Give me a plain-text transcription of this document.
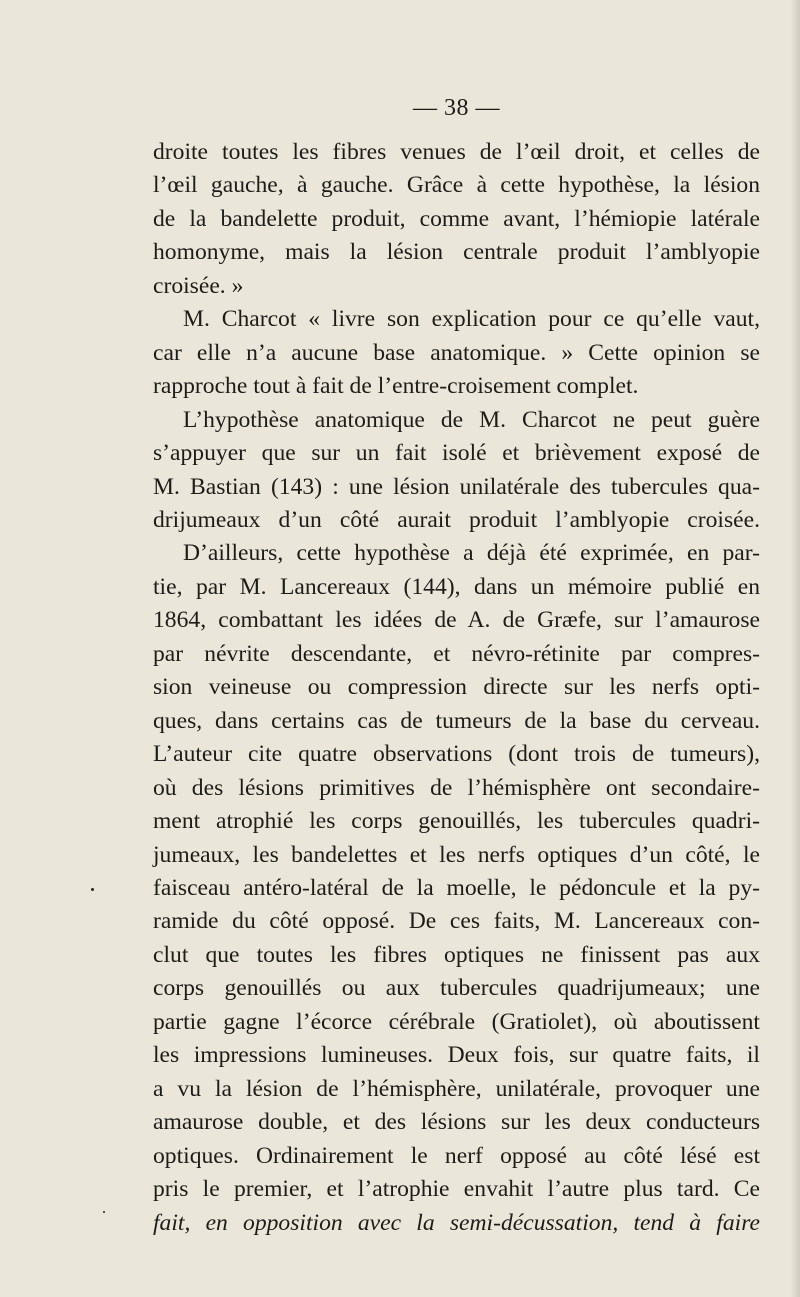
— 38 —
droite toutes les fibres venues de l’œil droit, et celles de
l’œil gauche, à gauche. Grâce à cette hypothèse, la lésion
de la bandelette produit, comme avant, l’hémiopie latérale
homonyme, mais la lésion centrale produit l’amblyopie
croisée. »
M. Charcot « livre son explication pour ce qu’elle vaut,
car elle n’a aucune base anatomique. » Cette opinion se
rapproche tout à fait de l’entre-croisement complet.
L’hypothèse anatomique de M. Charcot ne peut guère
s’appuyer que sur un fait isolé et brièvement exposé de
M. Bastian (143) : une lésion unilatérale des tubercules qua-
drijumeaux d’un côté aurait produit l’amblyopie croisée.
D’ailleurs, cette hypothèse a déjà été exprimée, en par-
tie, par M. Lancereaux (144), dans un mémoire publié en
1864, combattant les idées de A. de Græfe, sur l’amaurose
par névrite descendante, et névro-rétinite par compres-
sion veineuse ou compression directe sur les nerfs opti-
ques, dans certains cas de tumeurs de la base du cerveau.
L’auteur cite quatre observations (dont trois de tumeurs),
où des lésions primitives de l’hémisphère ont secondaire-
ment atrophié les corps genouillés, les tubercules quadri-
jumeaux, les bandelettes et les nerfs optiques d’un côté, le
faisceau antéro-latéral de la moelle, le pédoncule et la py-
ramide du côté opposé. De ces faits, M. Lancereaux con-
clut que toutes les fibres optiques ne finissent pas aux
corps genouillés ou aux tubercules quadrijumeaux; une
partie gagne l’écorce cérébrale (Gratiolet), où aboutissent
les impressions lumineuses. Deux fois, sur quatre faits, il
a vu la lésion de l’hémisphère, unilatérale, provoquer une
amaurose double, et des lésions sur les deux conducteurs
optiques. Ordinairement le nerf opposé au côté lésé est
pris le premier, et l’atrophie envahit l’autre plus tard. Ce
fait, en opposition avec la semi-décussation, tend à faire
